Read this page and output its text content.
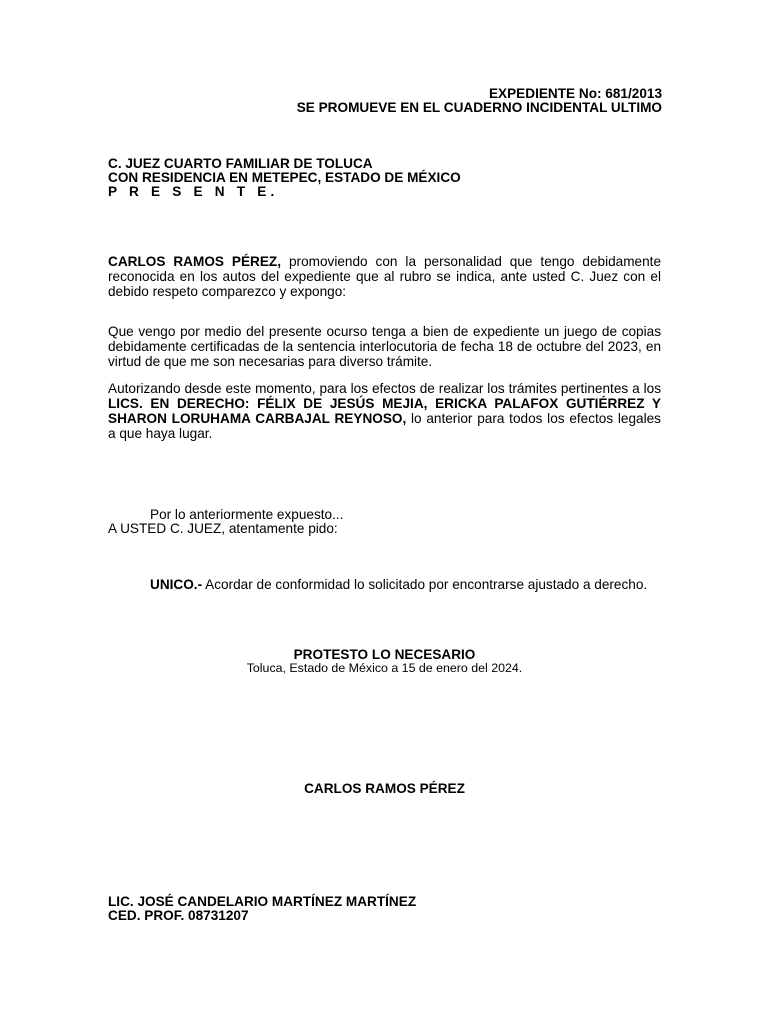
EXPEDIENTE No: 681/2013
SE PROMUEVE EN EL CUADERNO INCIDENTAL ULTIMO
C. JUEZ CUARTO FAMILIAR DE TOLUCA
CON RESIDENCIA EN METEPEC, ESTADO DE MÉXICO
P R E S E N T E.
CARLOS RAMOS PÉREZ, promoviendo con la personalidad que tengo debidamente reconocida en los autos del expediente que al rubro se indica, ante usted C. Juez con el debido respeto comparezco y expongo:
Que vengo por medio del presente ocurso tenga a bien de expediente un juego de copias debidamente certificadas de la sentencia interlocutoria de fecha 18 de octubre del 2023, en virtud de que me son necesarias para diverso trámite.
Autorizando desde este momento, para los efectos de realizar los trámites pertinentes a los LICS. EN DERECHO: FÉLIX DE JESÚS MEJIA, ERICKA PALAFOX GUTIÉRREZ Y SHARON LORUHAMA CARBAJAL REYNOSO, lo anterior para todos los efectos legales a que haya lugar.
Por lo anteriormente expuesto...
A USTED C. JUEZ, atentamente pido:
UNICO.- Acordar de conformidad lo solicitado por encontrarse ajustado a derecho.
PROTESTO LO NECESARIO
Toluca, Estado de México a 15 de enero del 2024.
CARLOS RAMOS PÉREZ
LIC. JOSÉ CANDELARIO MARTÍNEZ MARTÍNEZ
CED. PROF. 08731207
